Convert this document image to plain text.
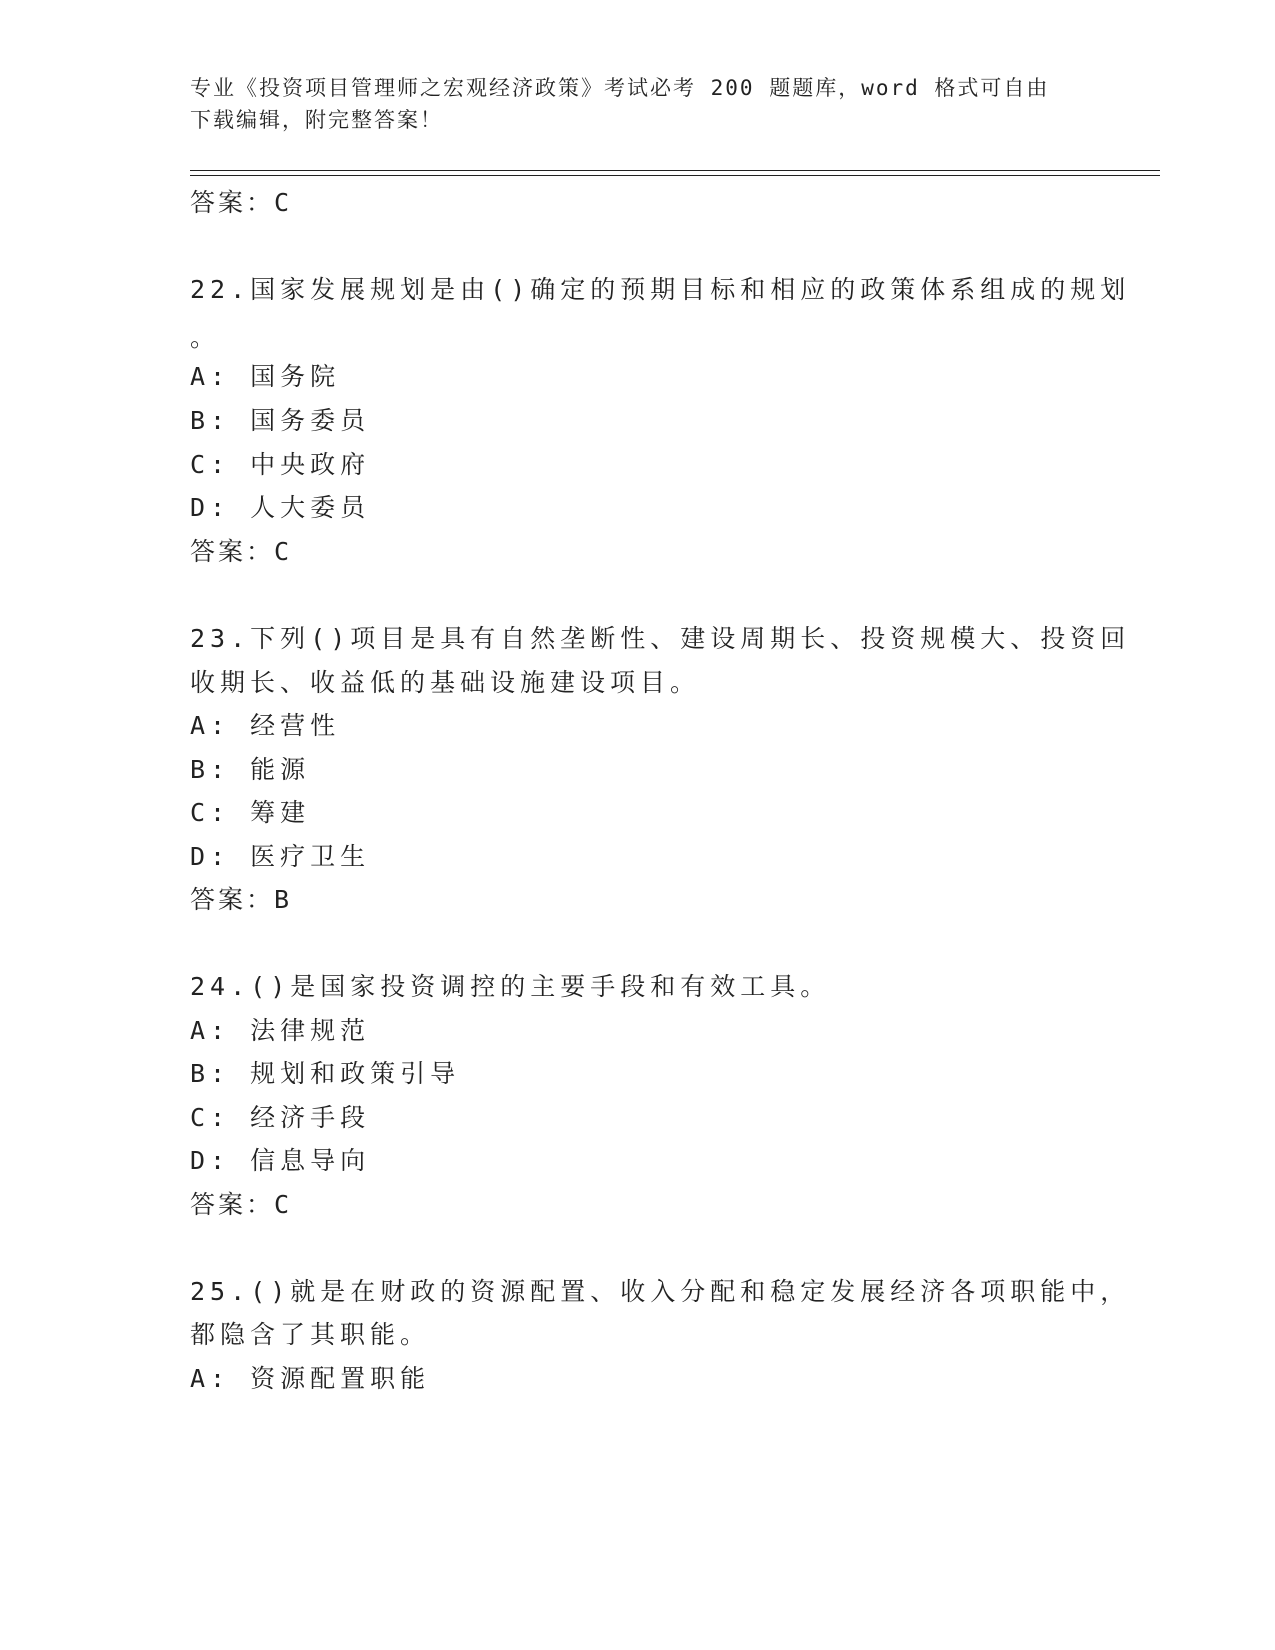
专业《投资项目管理师之宏观经济政策》考试必考 200 题题库，word 格式可自由
下载编辑，附完整答案！
答案：C
22.国家发展规划是由()确定的预期目标和相应的政策体系组成的规划
。
A: 国务院
B: 国务委员
C: 中央政府
D: 人大委员
答案：C
23.下列()项目是具有自然垄断性、建设周期长、投资规模大、投资回
收期长、收益低的基础设施建设项目。
A: 经营性
B: 能源
C: 筹建
D: 医疗卫生
答案：B
24.()是国家投资调控的主要手段和有效工具。
A: 法律规范
B: 规划和政策引导
C: 经济手段
D: 信息导向
答案：C
25.()就是在财政的资源配置、收入分配和稳定发展经济各项职能中，
都隐含了其职能。
A: 资源配置职能
